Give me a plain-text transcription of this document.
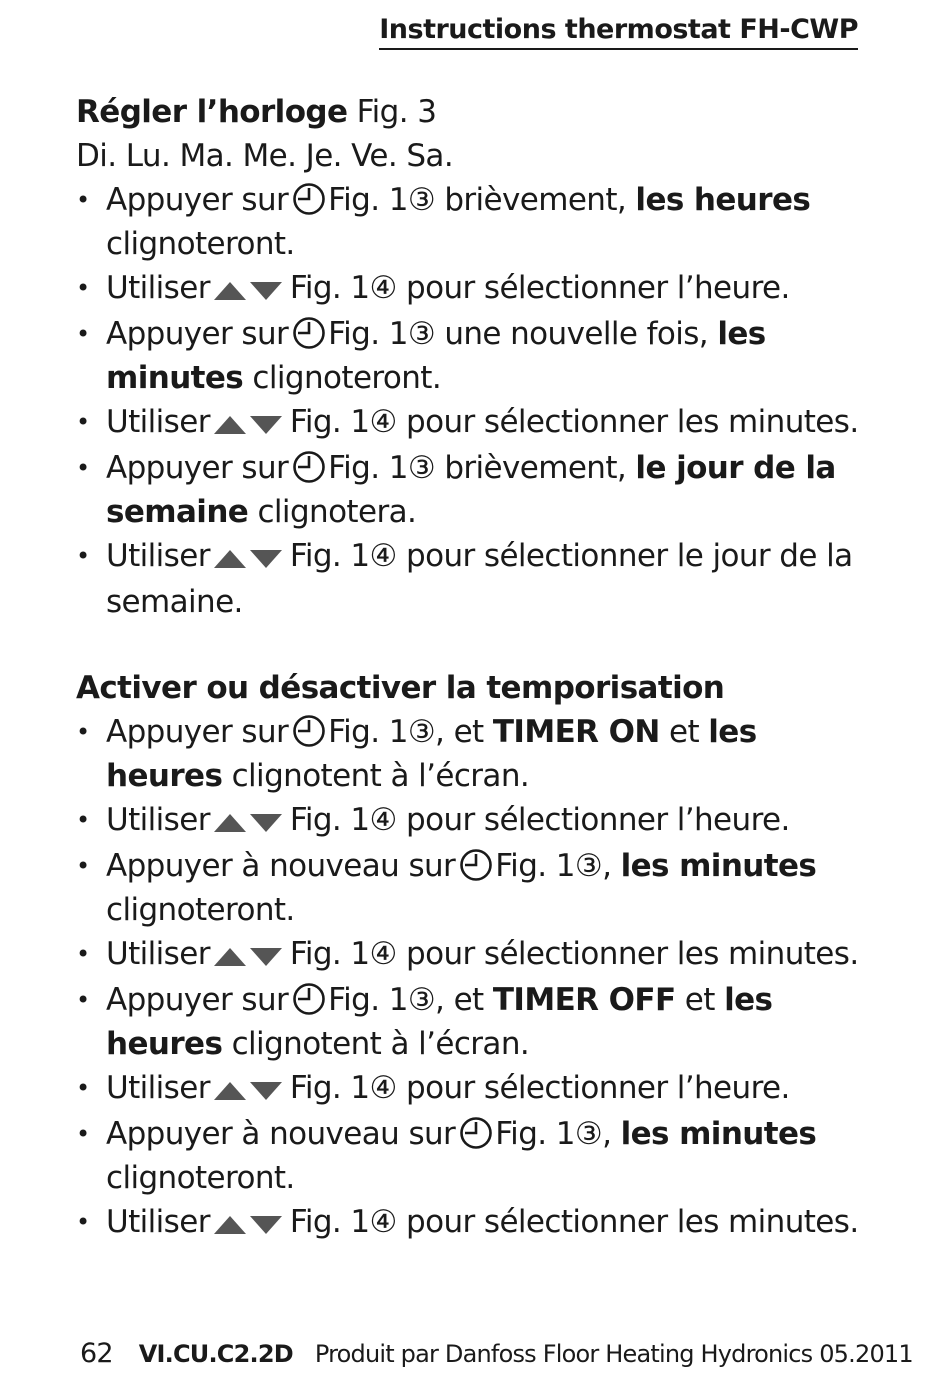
Instructions thermostat FH-CWP

Régler l’horloge Fig. 3

Di. Lu. Ma. Me. Je. Ve. Sa.

• Appuyer sur Fig. 1③ brièvement, les heures clignoteront.
• Utiliser	Fig. 1④ pour sélectionner l’heure.
• Appuyer sur Fig. 1③ une nouvelle fois, les minutes clignoteront.
• Utiliser	Fig. 1④ pour sélectionner les minutes.
• Appuyer sur Fig. 1③ brièvement, le jour de la semaine clignotera.
• Utiliser	Fig. 1④ pour sélectionner le jour de la semaine.

Activer ou désactiver la temporisation

• Appuyer sur Fig. 1③, et TIMER ON et les heures clignotent à l’écran.
• Utiliser	Fig. 1④ pour sélectionner l’heure.
• Appuyer à nouveau sur Fig. 1③, les minutes clignoteront.
• Utiliser	Fig. 1④ pour sélectionner les minutes.
• Appuyer sur Fig. 1③, et TIMER OFF et les heures clignotent à l’écran.
• Utiliser	Fig. 1④ pour sélectionner l’heure.
• Appuyer à nouveau sur Fig. 1③, les minutes clignoteront.
• Utiliser	Fig. 1④ pour sélectionner les minutes.
62 VI.CU.C2.2D Produit par Danfoss Floor Heating Hydronics 05.2011
